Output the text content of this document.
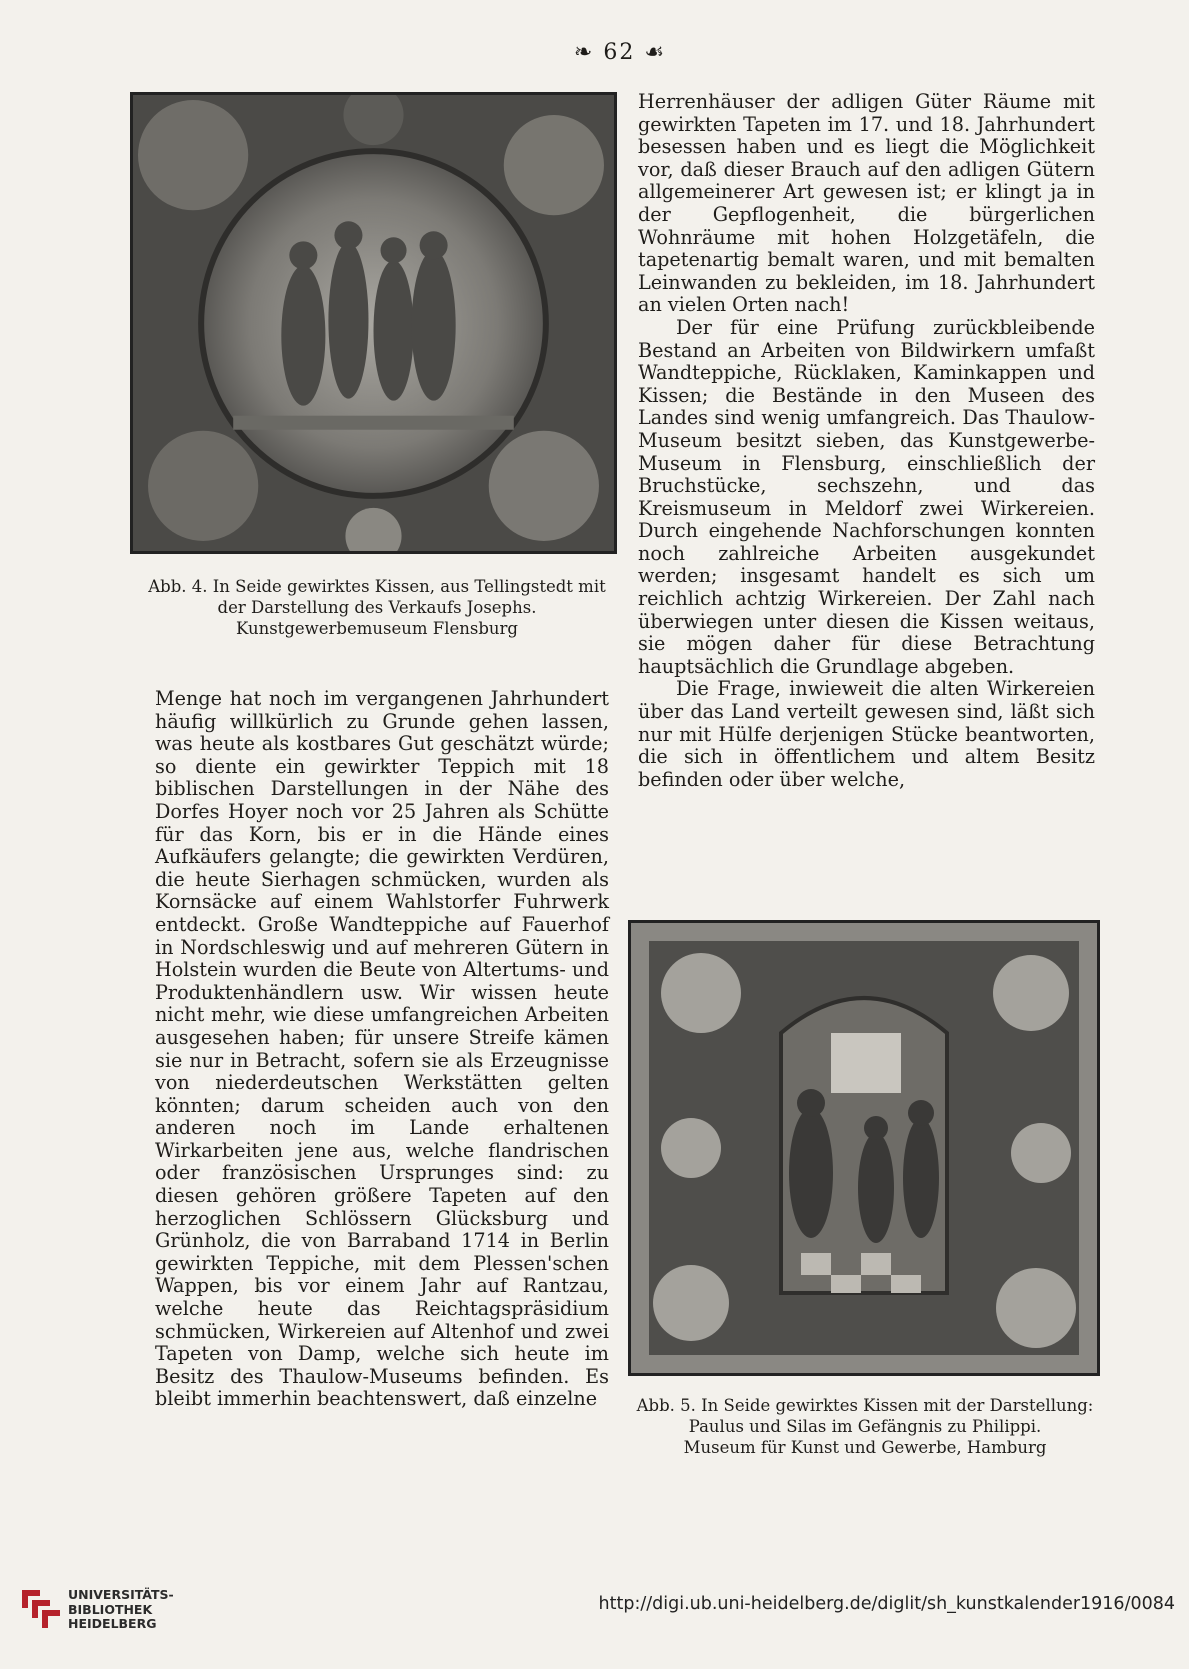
❧ 62 ☙
Abb. 4. In Seide gewirktes Kissen, aus Tellingstedt mit
der Darstellung des Verkaufs Josephs.
Kunstgewerbemuseum Flensburg

Menge hat noch im vergangenen Jahrhundert häufig willkürlich zu Grunde gehen lassen, was heute als kostbares Gut geschätzt würde; so diente ein gewirkter Teppich mit 18 biblischen Darstellungen in der Nähe des Dorfes Hoyer noch vor 25 Jahren als Schütte für das Korn, bis er in die Hände eines Aufkäufers gelangte; die gewirkten Verdüren, die heute Sierhagen schmücken, wurden als Kornsäcke auf einem Wahlstorfer Fuhrwerk entdeckt. Große Wandteppiche auf Fauerhof in Nordschleswig und auf mehreren Gütern in Holstein wurden die Beute von Altertums- und Produktenhändlern usw. Wir wissen heute nicht mehr, wie diese umfangreichen Arbeiten ausgesehen haben; für unsere Streife kämen sie nur in Betracht, sofern sie als Erzeugnisse von niederdeutschen Werkstätten gelten könnten; darum scheiden auch von den anderen noch im Lande erhaltenen Wirkarbeiten jene aus, welche flandrischen oder französischen Ursprunges sind: zu diesen gehören größere Tapeten auf den herzoglichen Schlössern Glücksburg und Grünholz, die von Barraband 1714 in Berlin gewirkten Teppiche, mit dem Plessen'schen Wappen, bis vor einem Jahr auf Rantzau, welche heute das Reichtagspräsidium schmücken, Wirkereien auf Altenhof und zwei Tapeten von Damp, welche sich heute im Besitz des Thaulow-Museums befinden. Es bleibt immerhin beachtenswert, daß einzelne

Herrenhäuser der adligen Güter Räume mit gewirkten Tapeten im 17. und 18. Jahrhundert besessen haben und es liegt die Möglichkeit vor, daß dieser Brauch auf den adligen Gütern allgemeinerer Art gewesen ist; er klingt ja in der Gepflogenheit, die bürgerlichen Wohnräume mit hohen Holzgetäfeln, die tapetenartig bemalt waren, und mit bemalten Leinwanden zu bekleiden, im 18. Jahrhundert an vielen Orten nach!

Der für eine Prüfung zurückbleibende Bestand an Arbeiten von Bildwirkern umfaßt Wandteppiche, Rücklaken, Kaminkappen und Kissen; die Bestände in den Museen des Landes sind wenig umfangreich. Das Thaulow-Museum besitzt sieben, das Kunstgewerbe-Museum in Flensburg, einschließlich der Bruchstücke, sechszehn, und das Kreismuseum in Meldorf zwei Wirkereien. Durch eingehende Nachforschungen konnten noch zahlreiche Arbeiten ausgekundet werden; insgesamt handelt es sich um reichlich achtzig Wirkereien. Der Zahl nach überwiegen unter diesen die Kissen weitaus, sie mögen daher für diese Betrachtung hauptsächlich die Grundlage abgeben.

Die Frage, inwieweit die alten Wirkereien über das Land verteilt gewesen sind, läßt sich nur mit Hülfe derjenigen Stücke beantworten, die sich in öffentlichem und altem Besitz befinden oder über welche,

Abb. 5. In Seide gewirktes Kissen mit der Darstellung:
Paulus und Silas im Gefängnis zu Philippi.
Museum für Kunst und Gewerbe, Hamburg
UNIVERSITÄTS-
BIBLIOTHEK
HEIDELBERG
http://digi.ub.uni-heidelberg.de/diglit/sh_kunstkalender1916/0084
